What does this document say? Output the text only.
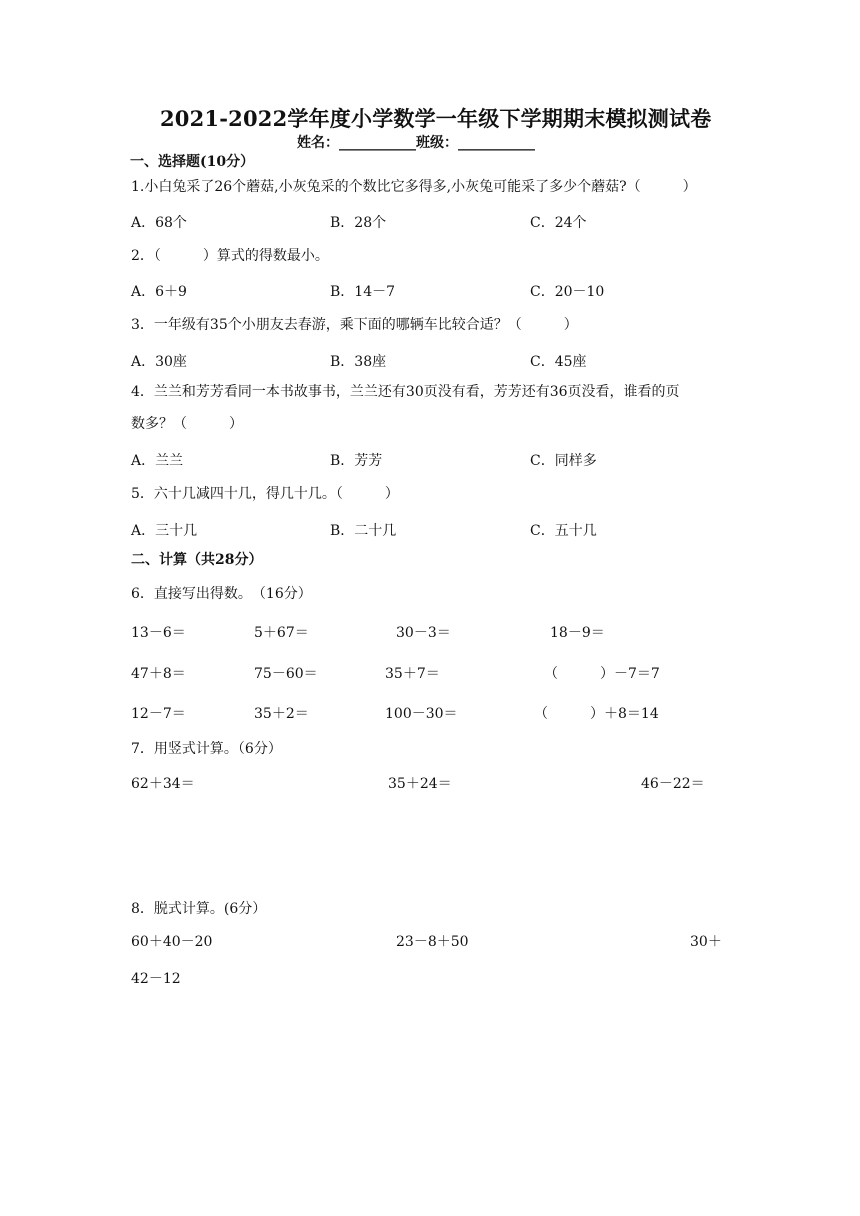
2021-2022学年度小学数学一年级下学期期末模拟测试卷
姓名：___________班级：___________
一、选择题(10分）
1.小白兔采了26个蘑菇,小灰兔采的个数比它多得多,小灰兔可能采了多少个蘑菇?（　　　）
A．68个	B．28个	C．24个
2．（　　　）算式的得数最小。
A．6＋9	B．14－7	C．20－10
3．一年级有35个小朋友去春游，乘下面的哪辆车比较合适？（　　　）
A．30座	B．38座	C．45座
4．兰兰和芳芳看同一本书故事书，兰兰还有30页没有看，芳芳还有36页没看，谁看的页
数多？（　　　）
A．兰兰	B．芳芳	C．同样多
5．六十几减四十几，得几十几。（　　　）
A．三十几	B．二十几	C．五十几
二、计算（共28分）
6．直接写出得数。　（16分）
13－6＝	5＋67＝	30－3＝	18－9＝
47＋8＝	75－60＝	35＋7＝	（　　　）－7＝7
12－7＝	35＋2＝	100－30＝	（　　　）＋8＝14
7．用竖式计算。（6分）
62＋34＝	35＋24＝	46－22＝
8．脱式计算。(6分）
60＋40－20	23－8＋50	30＋
42－12
